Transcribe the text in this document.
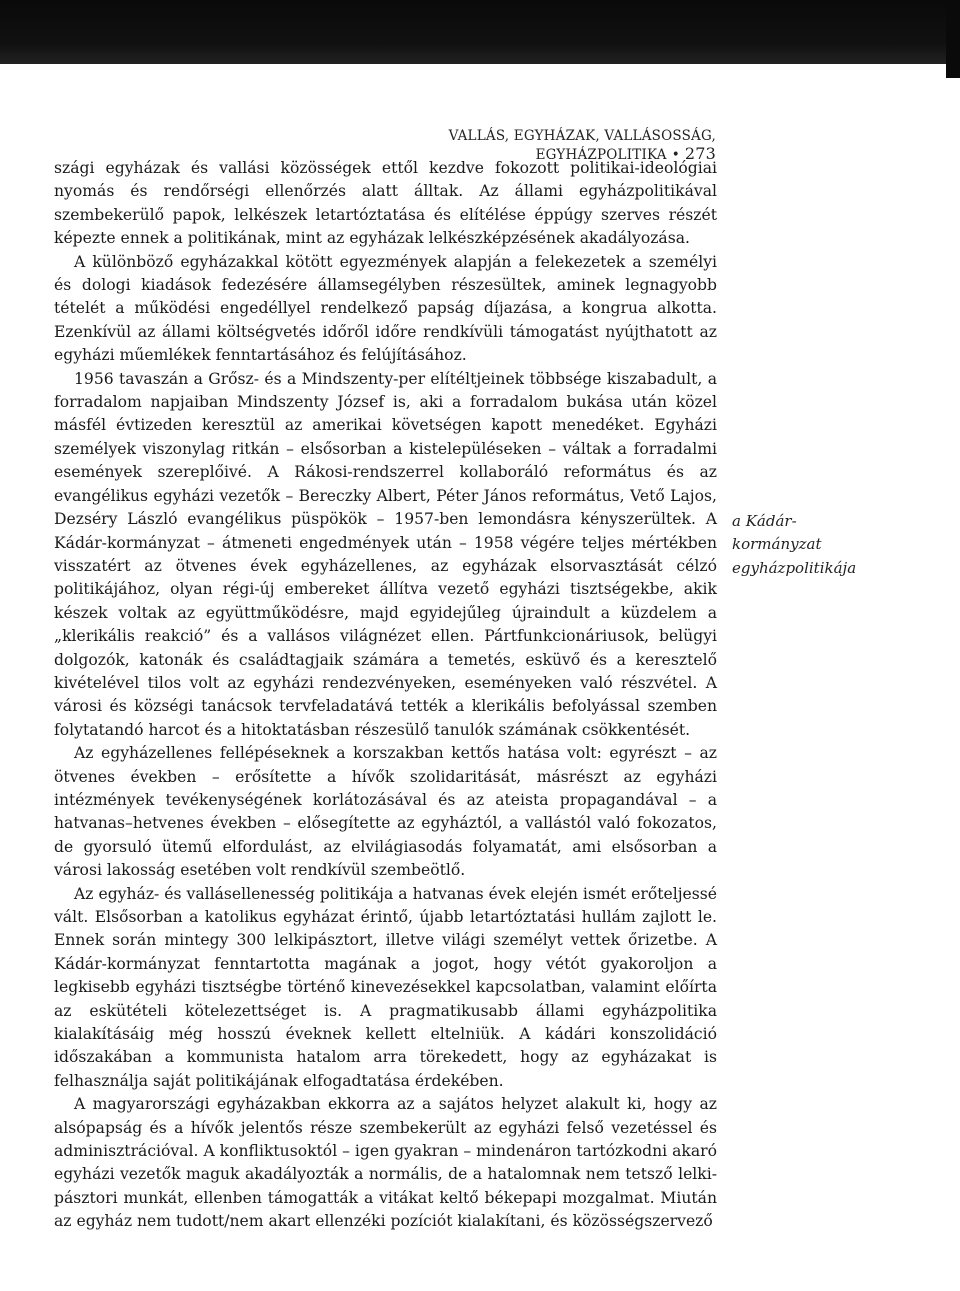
VALLÁS, EGYHÁZAK, VALLÁSOSSÁG, EGYHÁZPOLITIKA • 273

szági egyházak és vallási közösségek ettől kezdve fokozott politikai-ideológiai nyomás és rendőrségi ellenőrzés alatt álltak. Az állami egyházpolitikával szembekerülő papok, lelkészek letartóztatása és elítélése éppúgy szerves részét képezte ennek a politikának, mint az egyházak lelkészképzésének akadályozása.

A különböző egyházakkal kötött egyezmények alapján a felekezetek a személyi és dologi kiadások fedezésére államsegélyben részesültek, aminek legnagyobb tételét a működési engedéllyel rendelkező papság díjazása, a kongrua alkotta. Ezenkívül az állami költségvetés időről időre rendkívüli támogatást nyújthatott az egyházi műemlékek fenntartásához és felújításához.

1956 tavaszán a Grősz- és a Mindszenty-per elítéltjeinek többsége kiszabadult, a forradalom napjaiban Mindszenty József is, aki a forradalom bukása után közel másfél évtizeden keresztül az amerikai követségen kapott menedéket. Egyházi személyek viszonylag ritkán – elsősorban a kistelepüléseken – váltak a forradalmi események szereplőivé. A Rákosi-rendszerrel kollaboráló református és az evangélikus egyházi vezetők – Bereczky Albert, Péter János református, Vető Lajos, Dezséry László evangélikus püspökök – 1957-ben lemondásra kényszerültek. A Kádár-kormányzat – átmeneti engedmények után – 1958 végére teljes mértékben visszatért az ötvenes évek egyházellenes, az egyházak elsorvasztását célzó politikájához, olyan régi-új embereket állítva vezető egyházi tisztségekbe, akik készek voltak az együttműködésre, majd egyidejűleg újraindult a küzdelem a „klerikális reakció” és a vallásos világnézet ellen. Pártfunkcionáriusok, belügyi dolgozók, katonák és családtagjaik számára a temetés, esküvő és a keresztelő kivételével tilos volt az egyházi rendezvényeken, eseményeken való részvétel. A városi és községi tanácsok tervfeladatává tették a klerikális befolyással szemben folytatandó harcot és a hitoktatásban részesülő tanulók számának csökkentését.

Az egyházellenes fellépéseknek a korszakban kettős hatása volt: egyrészt – az ötvenes években – erősítette a hívők szolidaritását, másrészt az egyházi intézmények tevékenységének korlátozásával és az ateista propagandával – a hatvanas–hetvenes években – elősegítette az egyháztól, a vallástól való fokozatos, de gyorsuló ütemű elfordulást, az elvilágiasodás folyamatát, ami elsősorban a városi lakosság esetében volt rendkívül szembeötlő.

Az egyház- és vallásellenesség politikája a hatvanas évek elején ismét erőteljessé vált. Elsősorban a katolikus egyházat érintő, újabb letartóztatási hullám zajlott le. Ennek során mintegy 300 lelkipásztort, illetve világi személyt vettek őrizetbe. A Kádár-kormányzat fenntartotta magának a jogot, hogy vétót gyakoroljon a legkisebb egyházi tisztségbe történő kinevezésekkel kapcsolatban, valamint előírta az eskütételi kötelezettséget is. A pragmatikusabb állami egyházpolitika kialakításáig még hosszú éveknek kellett eltelniük. A kádári konszolidáció időszakában a kommunista hatalom arra törekedett, hogy az egyházakat is felhasználja saját politikájának elfogadtatása érdekében.

A magyarországi egyházakban ekkorra az a sajátos helyzet alakult ki, hogy az alsópapság és a hívők jelentős része szembekerült az egyházi felső vezetéssel és adminisztrációval. A konfliktusoktól – igen gyakran – mindenáron tartózkodni akaró egyházi vezetők maguk akadályozták a normális, de a hatalomnak nem tetsző lelkipásztori munkát, ellenben támogatták a vitákat keltő békepapi mozgalmat. Miután az egyház nem tudott/nem akart ellenzéki pozíciót kialakítani, és közösségszervező

a Kádár-
kormányzat
egyházpolitikája
